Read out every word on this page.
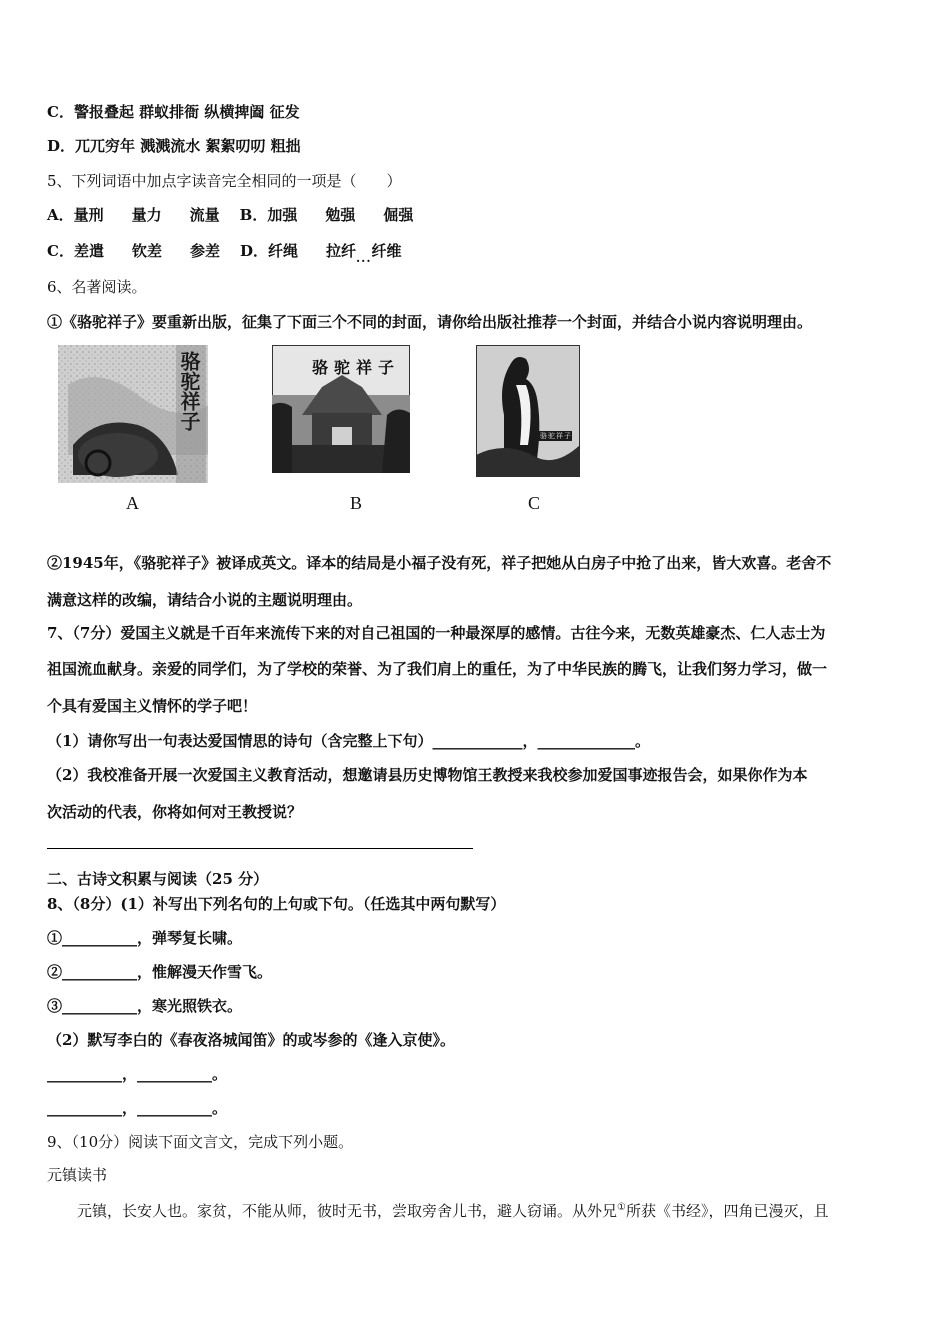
C．警报叠起 群蚁排衙 纵横捭阖 征发
D．兀兀穷年 溅溅流水 絮絮叨叨 粗拙
5、下列词语中加点字读音完全相同的一项是（　　）
A．量刑 量力 流量 B．加强 勉强 倔强
C．差遣 钦差 参差 D．纤绳 拉纤$_{...}$纤维
6、名著阅读。
①《骆驼祥子》要重新出版，征集了下面三个不同的封面，请你给出版社推荐一个封面，并结合小说内容说明理由。
骆驼祥子
A
骆驼祥子
B
骆驼祥子
C
②1945年，《骆驼祥子》被译成英文。译本的结局是小福子没有死，祥子把她从白房子中抢了出来，皆大欢喜。老舍不
满意这样的改编，请结合小说的主题说明理由。
7、（7分）爱国主义就是千百年来流传下来的对自己祖国的一种最深厚的感情。古往今来，无数英雄豪杰、仁人志士为
祖国流血献身。亲爱的同学们，为了学校的荣誉、为了我们肩上的重任，为了中华民族的腾飞，让我们努力学习，做一
个具有爱国主义情怀的学子吧！
（1）请你写出一句表达爱国情思的诗句（含完整上下句）____________，_____________。
（2）我校准备开展一次爱国主义教育活动，想邀请县历史博物馆王教授来我校参加爱国事迹报告会，如果你作为本
次活动的代表，你将如何对王教授说？
二、古诗文积累与阅读（25 分）
8、（8分）(1）补写出下列名句的上句或下句。（任选其中两句默写）
①__________，弹琴复长啸。
②__________，惟解漫天作雪飞。
③__________，寒光照铁衣。
（2）默写李白的《春夜洛城闻笛》的或岑参的《逢入京使》。
__________，__________。
__________，__________。
9、（10分）阅读下面文言文，完成下列小题。
元镇读书
　　元镇，长安人也。家贫，不能从师，彼时无书，尝取旁舍儿书，避人窃诵。从外兄①所获《书经》，四角已漫灭，且
